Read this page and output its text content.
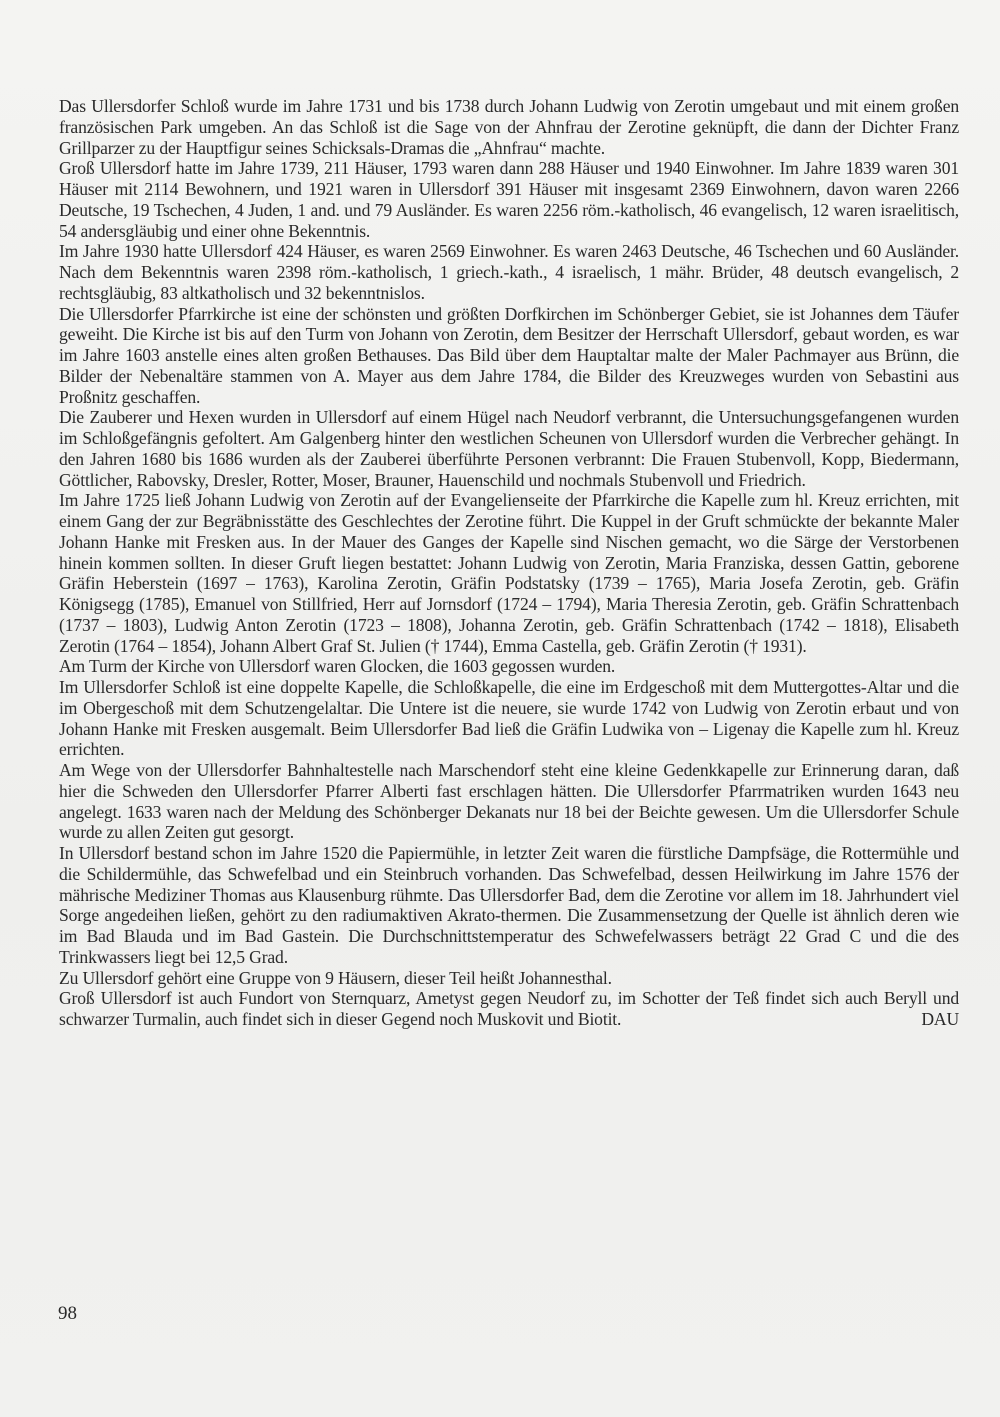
Das Ullersdorfer Schloß wurde im Jahre 1731 und bis 1738 durch Johann Ludwig von Zerotin umgebaut und mit einem großen französischen Park umgeben. An das Schloß ist die Sage von der Ahnfrau der Zerotine geknüpft, die dann der Dichter Franz Grillparzer zu der Hauptfigur seines Schicksals-Dramas die „Ahnfrau“ machte.

Groß Ullersdorf hatte im Jahre 1739, 211 Häuser, 1793 waren dann 288 Häuser und 1940 Einwohner. Im Jahre 1839 waren 301 Häuser mit 2114 Bewohnern, und 1921 waren in Ullersdorf 391 Häuser mit insgesamt 2369 Einwohnern, davon waren 2266 Deutsche, 19 Tschechen, 4 Juden, 1 and. und 79 Ausländer. Es waren 2256 röm.-katholisch, 46 evangelisch, 12 waren israelitisch, 54 andersgläubig und einer ohne Bekenntnis.

Im Jahre 1930 hatte Ullersdorf 424 Häuser, es waren 2569 Einwohner. Es waren 2463 Deutsche, 46 Tschechen und 60 Ausländer. Nach dem Bekenntnis waren 2398 röm.-katholisch, 1 griech.-kath., 4 israelisch, 1 mähr. Brüder, 48 deutsch evangelisch, 2 rechtsgläubig, 83 altkatholisch und 32 bekenntnislos.

Die Ullersdorfer Pfarrkirche ist eine der schönsten und größten Dorfkirchen im Schönberger Gebiet, sie ist Johannes dem Täufer geweiht. Die Kirche ist bis auf den Turm von Johann von Zerotin, dem Besitzer der Herrschaft Ullersdorf, gebaut worden, es war im Jahre 1603 anstelle eines alten großen Bethauses. Das Bild über dem Hauptaltar malte der Maler Pachmayer aus Brünn, die Bilder der Nebenaltäre stammen von A. Mayer aus dem Jahre 1784, die Bilder des Kreuzweges wurden von Sebastini aus Proßnitz geschaffen.

Die Zauberer und Hexen wurden in Ullersdorf auf einem Hügel nach Neudorf verbrannt, die Untersuchungsgefangenen wurden im Schloßgefängnis gefoltert. Am Galgenberg hinter den westlichen Scheunen von Ullersdorf wurden die Verbrecher gehängt. In den Jahren 1680 bis 1686 wurden als der Zauberei überführte Personen verbrannt: Die Frauen Stubenvoll, Kopp, Biedermann, Göttlicher, Rabovsky, Dresler, Rotter, Moser, Brauner, Hauenschild und nochmals Stubenvoll und Friedrich.

Im Jahre 1725 ließ Johann Ludwig von Zerotin auf der Evangelienseite der Pfarrkirche die Kapelle zum hl. Kreuz errichten, mit einem Gang der zur Begräbnisstätte des Geschlechtes der Zerotine führt. Die Kuppel in der Gruft schmückte der bekannte Maler Johann Hanke mit Fresken aus. In der Mauer des Ganges der Kapelle sind Nischen gemacht, wo die Särge der Verstorbenen hinein kommen sollten. In dieser Gruft liegen bestattet: Johann Ludwig von Zerotin, Maria Franziska, dessen Gattin, geborene Gräfin Heberstein (1697 – 1763), Karolina Zerotin, Gräfin Podstatsky (1739 – 1765), Maria Josefa Zerotin, geb. Gräfin Königsegg (1785), Emanuel von Stillfried, Herr auf Jornsdorf (1724 – 1794), Maria Theresia Zerotin, geb. Gräfin Schrattenbach (1737 – 1803), Ludwig Anton Zerotin (1723 – 1808), Johanna Zerotin, geb. Gräfin Schrattenbach (1742 – 1818), Elisabeth Zerotin (1764 – 1854), Johann Albert Graf St. Julien († 1744), Emma Castella, geb. Gräfin Zerotin († 1931).

Am Turm der Kirche von Ullersdorf waren Glocken, die 1603 gegossen wurden.

Im Ullersdorfer Schloß ist eine doppelte Kapelle, die Schloßkapelle, die eine im Erdgeschoß mit dem Muttergottes-Altar und die im Obergeschoß mit dem Schutzengelaltar. Die Untere ist die neuere, sie wurde 1742 von Ludwig von Zerotin erbaut und von Johann Hanke mit Fresken ausgemalt. Beim Ullersdorfer Bad ließ die Gräfin Ludwika von – Ligenay die Kapelle zum hl. Kreuz errichten.

Am Wege von der Ullersdorfer Bahnhaltestelle nach Marschendorf steht eine kleine Gedenkkapelle zur Erinnerung daran, daß hier die Schweden den Ullersdorfer Pfarrer Alberti fast erschlagen hätten. Die Ullersdorfer Pfarrmatriken wurden 1643 neu angelegt. 1633 waren nach der Meldung des Schönberger Dekanats nur 18 bei der Beichte gewesen. Um die Ullersdorfer Schule wurde zu allen Zeiten gut gesorgt.

In Ullersdorf bestand schon im Jahre 1520 die Papiermühle, in letzter Zeit waren die fürstliche Dampfsäge, die Rottermühle und die Schildermühle, das Schwefelbad und ein Steinbruch vorhanden. Das Schwefelbad, dessen Heilwirkung im Jahre 1576 der mährische Mediziner Thomas aus Klausenburg rühmte. Das Ullersdorfer Bad, dem die Zerotine vor allem im 18. Jahrhundert viel Sorge angedeihen ließen, gehört zu den radiumaktiven Akrato-thermen. Die Zusammensetzung der Quelle ist ähnlich deren wie im Bad Blauda und im Bad Gastein. Die Durchschnittstemperatur des Schwefelwassers beträgt 22 Grad C und die des Trinkwassers liegt bei 12,5 Grad.

Zu Ullersdorf gehört eine Gruppe von 9 Häusern, dieser Teil heißt Johannesthal.

Groß Ullersdorf ist auch Fundort von Sternquarz, Ametyst gegen Neudorf zu, im Schotter der Teß findet sich auch Beryll und schwarzer Turmalin, auch findet sich in dieser Gegend noch Muskovit und Biotit.	DAU

98
